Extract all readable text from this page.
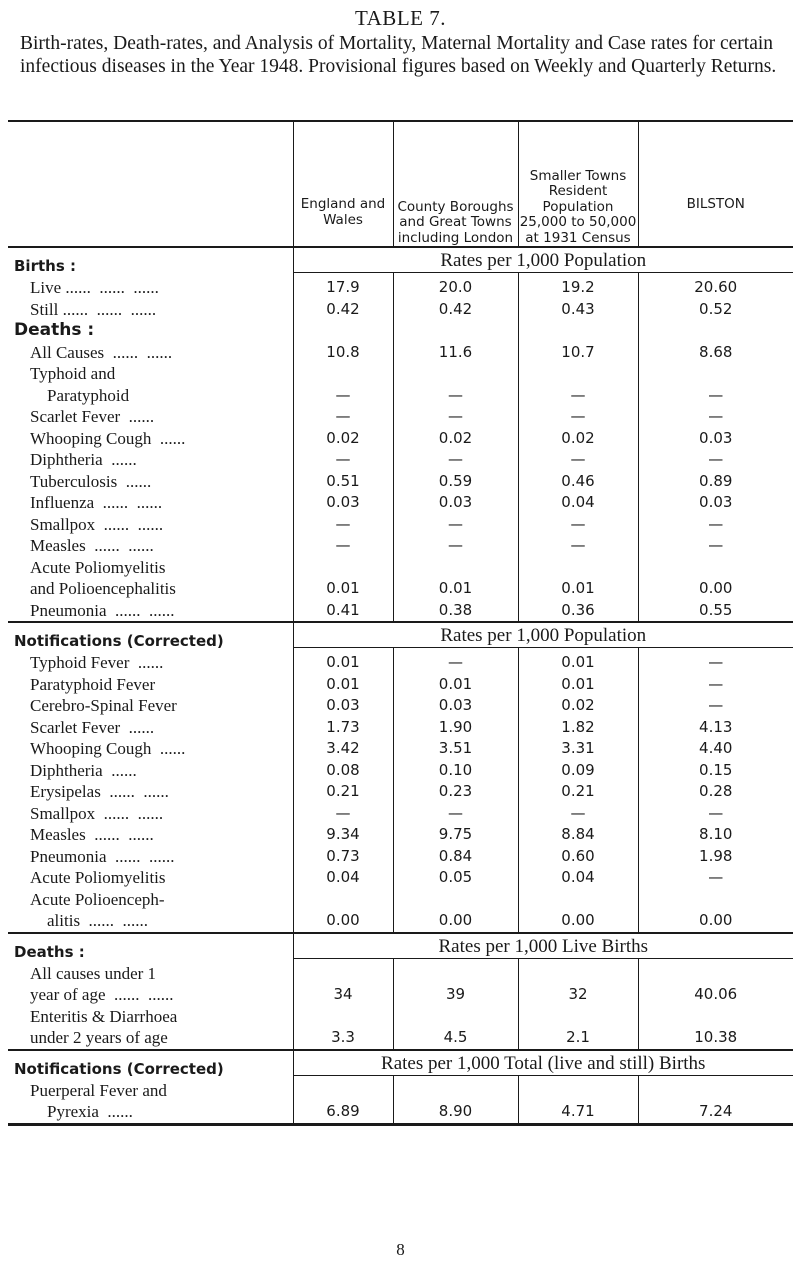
TABLE 7.
Birth-rates, Death-rates, and Analysis of Mortality, Maternal Mortality and Case rates for certain infectious diseases in the Year 1948. Provisional figures based on Weekly and Quarterly Returns.
	England and Wales	County Boroughs and Great Towns including London	Smaller Towns Resident Population 25,000 to 50,000 at 1931 Census	BILSTON
Births :	Rates per 1,000 Population			

Live ......  ......  ......	17.9	20.0	19.2	20.60
Still ......  ......  ......	0.42	0.42	0.43	0.52
Deaths :				
All Causes  ......  ......	10.8	11.6	10.7	8.68
Typhoid and				
Paratyphoid	—	—	—	—
Scarlet Fever  ......	—	—	—	—
Whooping Cough  ......	0.02	0.02	0.02	0.03
Diphtheria  ......	—	—	—	—
Tuberculosis  ......	0.51	0.59	0.46	0.89
Influenza  ......  ......	0.03	0.03	0.04	0.03
Smallpox  ......  ......	—	—	—	—
Measles  ......  ......	—	—	—	—
Acute Poliomyelitis				
and Polioencephalitis	0.01	0.01	0.01	0.00
Pneumonia  ......  ......	0.41	0.38	0.36	0.55
Notifications (Corrected)	Rates per 1,000 Population			

Typhoid Fever  ......	0.01	—	0.01	—
Paratyphoid Fever	0.01	0.01	0.01	—
Cerebro-Spinal Fever	0.03	0.03	0.02	—
Scarlet Fever  ......	1.73	1.90	1.82	4.13
Whooping Cough  ......	3.42	3.51	3.31	4.40
Diphtheria  ......	0.08	0.10	0.09	0.15
Erysipelas  ......  ......	0.21	0.23	0.21	0.28
Smallpox  ......  ......	—	—	—	—
Measles  ......  ......	9.34	9.75	8.84	8.10
Pneumonia  ......  ......	0.73	0.84	0.60	1.98
Acute Poliomyelitis	0.04	0.05	0.04	—
Acute Polioenceph-				
alitis  ......  ......	0.00	0.00	0.00	0.00
Deaths :	Rates per 1,000 Live Births			

All causes under 1				
year of age  ......  ......	34	39	32	40.06
Enteritis & Diarrhoea				
under 2 years of age	3.3	4.5	2.1	10.38
Notifications (Corrected)	Rates per 1,000 Total (live and still) Births			

Puerperal Fever and				
Pyrexia  ......	6.89	8.90	4.71	7.24
8
